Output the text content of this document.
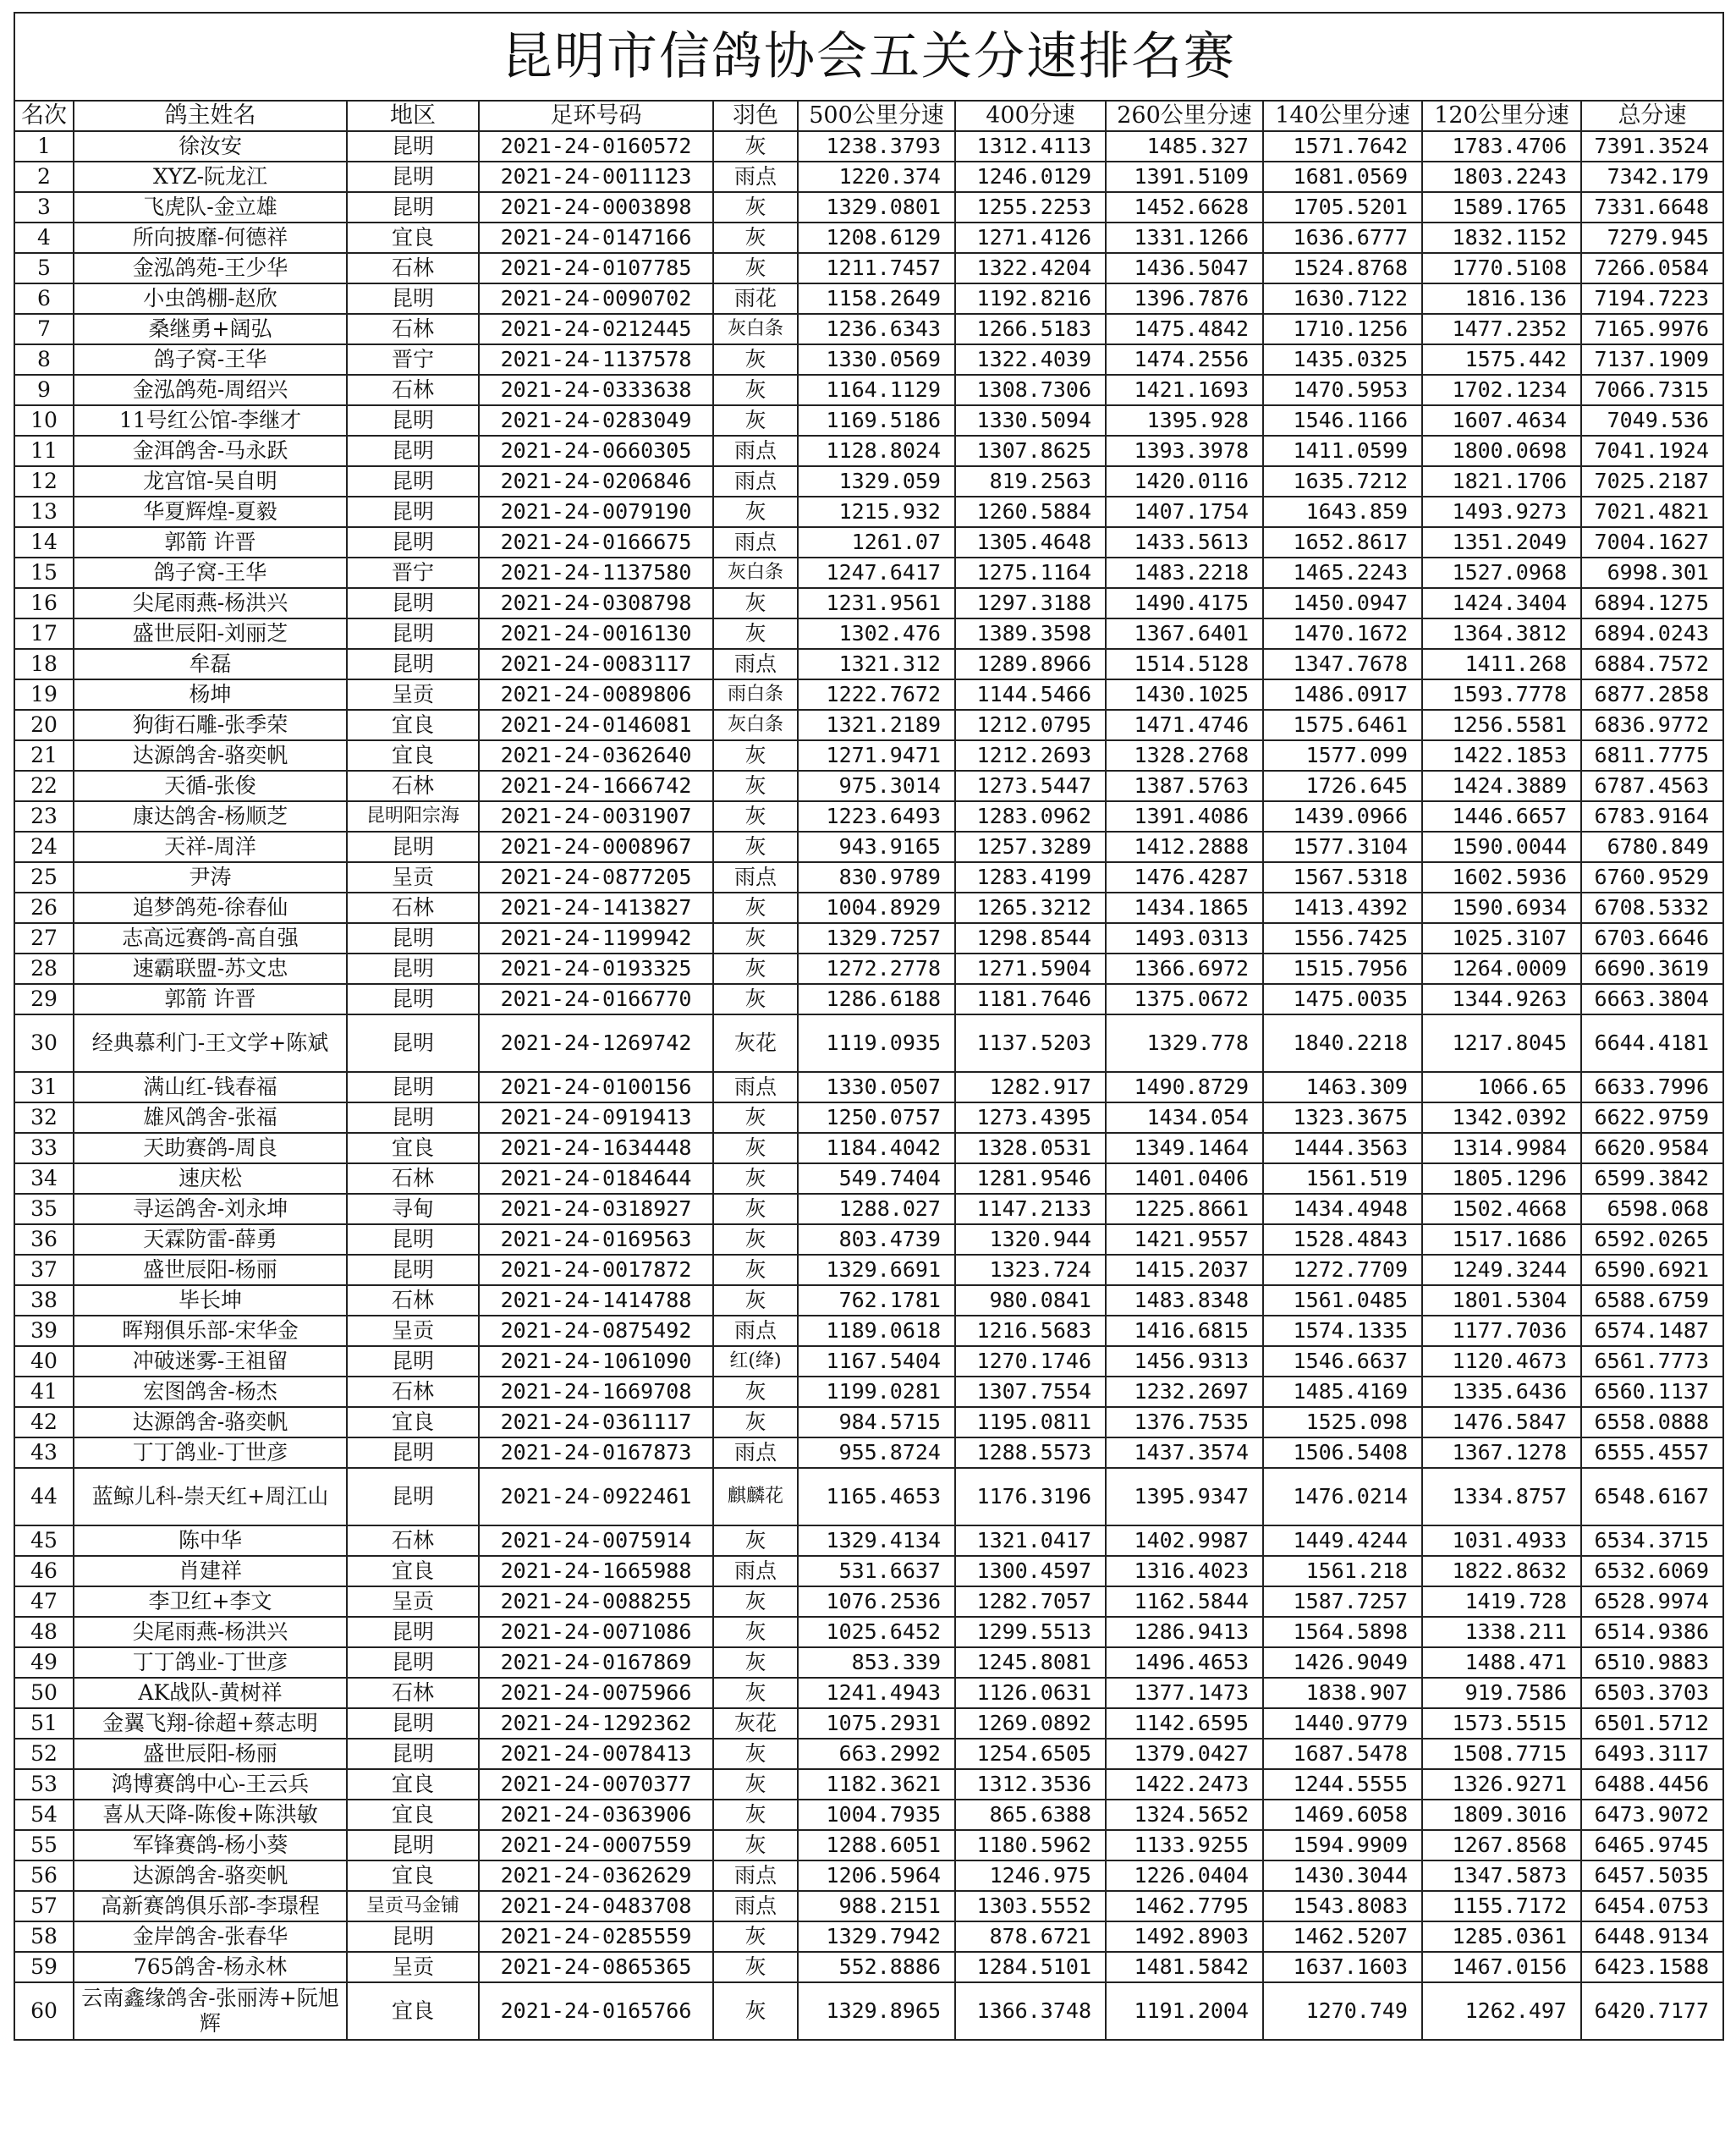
昆明市信鸽协会五关分速排名赛
名次	鸽主姓名	地区	足环号码	羽色	500公里分速	400分速	260公里分速	140公里分速	120公里分速	总分速
1	徐汝安	昆明	2021-24-0160572	灰	1238.3793	1312.4113	1485.327	1571.7642	1783.4706	7391.3524
2	XYZ-阮龙江	昆明	2021-24-0011123	雨点	1220.374	1246.0129	1391.5109	1681.0569	1803.2243	7342.179
3	飞虎队-金立雄	昆明	2021-24-0003898	灰	1329.0801	1255.2253	1452.6628	1705.5201	1589.1765	7331.6648
4	所向披靡-何德祥	宜良	2021-24-0147166	灰	1208.6129	1271.4126	1331.1266	1636.6777	1832.1152	7279.945
5	金泓鸽苑-王少华	石林	2021-24-0107785	灰	1211.7457	1322.4204	1436.5047	1524.8768	1770.5108	7266.0584
6	小虫鸽棚-赵欣	昆明	2021-24-0090702	雨花	1158.2649	1192.8216	1396.7876	1630.7122	1816.136	7194.7223
7	桑继勇+阔弘	石林	2021-24-0212445	灰白条	1236.6343	1266.5183	1475.4842	1710.1256	1477.2352	7165.9976
8	鸽子窝-王华	晋宁	2021-24-1137578	灰	1330.0569	1322.4039	1474.2556	1435.0325	1575.442	7137.1909
9	金泓鸽苑-周绍兴	石林	2021-24-0333638	灰	1164.1129	1308.7306	1421.1693	1470.5953	1702.1234	7066.7315
10	11号红公馆-李继才	昆明	2021-24-0283049	灰	1169.5186	1330.5094	1395.928	1546.1166	1607.4634	7049.536
11	金洱鸽舍-马永跃	昆明	2021-24-0660305	雨点	1128.8024	1307.8625	1393.3978	1411.0599	1800.0698	7041.1924
12	龙宫馆-吴自明	昆明	2021-24-0206846	雨点	1329.059	819.2563	1420.0116	1635.7212	1821.1706	7025.2187
13	华夏辉煌-夏毅	昆明	2021-24-0079190	灰	1215.932	1260.5884	1407.1754	1643.859	1493.9273	7021.4821
14	郭箭 许晋	昆明	2021-24-0166675	雨点	1261.07	1305.4648	1433.5613	1652.8617	1351.2049	7004.1627
15	鸽子窝-王华	晋宁	2021-24-1137580	灰白条	1247.6417	1275.1164	1483.2218	1465.2243	1527.0968	6998.301
16	尖尾雨燕-杨洪兴	昆明	2021-24-0308798	灰	1231.9561	1297.3188	1490.4175	1450.0947	1424.3404	6894.1275
17	盛世辰阳-刘丽芝	昆明	2021-24-0016130	灰	1302.476	1389.3598	1367.6401	1470.1672	1364.3812	6894.0243
18	牟磊	昆明	2021-24-0083117	雨点	1321.312	1289.8966	1514.5128	1347.7678	1411.268	6884.7572
19	杨坤	呈贡	2021-24-0089806	雨白条	1222.7672	1144.5466	1430.1025	1486.0917	1593.7778	6877.2858
20	狗街石雕-张季荣	宜良	2021-24-0146081	灰白条	1321.2189	1212.0795	1471.4746	1575.6461	1256.5581	6836.9772
21	达源鸽舍-骆奕帆	宜良	2021-24-0362640	灰	1271.9471	1212.2693	1328.2768	1577.099	1422.1853	6811.7775
22	天循-张俊	石林	2021-24-1666742	灰	975.3014	1273.5447	1387.5763	1726.645	1424.3889	6787.4563
23	康达鸽舍-杨顺芝	昆明阳宗海	2021-24-0031907	灰	1223.6493	1283.0962	1391.4086	1439.0966	1446.6657	6783.9164
24	天祥-周洋	昆明	2021-24-0008967	灰	943.9165	1257.3289	1412.2888	1577.3104	1590.0044	6780.849
25	尹涛	呈贡	2021-24-0877205	雨点	830.9789	1283.4199	1476.4287	1567.5318	1602.5936	6760.9529
26	追梦鸽苑-徐春仙	石林	2021-24-1413827	灰	1004.8929	1265.3212	1434.1865	1413.4392	1590.6934	6708.5332
27	志高远赛鸽-高自强	昆明	2021-24-1199942	灰	1329.7257	1298.8544	1493.0313	1556.7425	1025.3107	6703.6646
28	速霸联盟-苏文忠	昆明	2021-24-0193325	灰	1272.2778	1271.5904	1366.6972	1515.7956	1264.0009	6690.3619
29	郭箭 许晋	昆明	2021-24-0166770	灰	1286.6188	1181.7646	1375.0672	1475.0035	1344.9263	6663.3804
30	经典慕利门-王文学+陈斌	昆明	2021-24-1269742	灰花	1119.0935	1137.5203	1329.778	1840.2218	1217.8045	6644.4181
31	满山红-钱春福	昆明	2021-24-0100156	雨点	1330.0507	1282.917	1490.8729	1463.309	1066.65	6633.7996
32	雄风鸽舍-张福	昆明	2021-24-0919413	灰	1250.0757	1273.4395	1434.054	1323.3675	1342.0392	6622.9759
33	天助赛鸽-周良	宜良	2021-24-1634448	灰	1184.4042	1328.0531	1349.1464	1444.3563	1314.9984	6620.9584
34	速庆松	石林	2021-24-0184644	灰	549.7404	1281.9546	1401.0406	1561.519	1805.1296	6599.3842
35	寻运鸽舍-刘永坤	寻甸	2021-24-0318927	灰	1288.027	1147.2133	1225.8661	1434.4948	1502.4668	6598.068
36	天霖防雷-薛勇	昆明	2021-24-0169563	灰	803.4739	1320.944	1421.9557	1528.4843	1517.1686	6592.0265
37	盛世辰阳-杨丽	昆明	2021-24-0017872	灰	1329.6691	1323.724	1415.2037	1272.7709	1249.3244	6590.6921
38	毕长坤	石林	2021-24-1414788	灰	762.1781	980.0841	1483.8348	1561.0485	1801.5304	6588.6759
39	晖翔俱乐部-宋华金	呈贡	2021-24-0875492	雨点	1189.0618	1216.5683	1416.6815	1574.1335	1177.7036	6574.1487
40	冲破迷雾-王祖留	昆明	2021-24-1061090	红(绛)	1167.5404	1270.1746	1456.9313	1546.6637	1120.4673	6561.7773
41	宏图鸽舍-杨杰	石林	2021-24-1669708	灰	1199.0281	1307.7554	1232.2697	1485.4169	1335.6436	6560.1137
42	达源鸽舍-骆奕帆	宜良	2021-24-0361117	灰	984.5715	1195.0811	1376.7535	1525.098	1476.5847	6558.0888
43	丁丁鸽业-丁世彦	昆明	2021-24-0167873	雨点	955.8724	1288.5573	1437.3574	1506.5408	1367.1278	6555.4557
44	蓝鲸儿科-崇天红+周江山	昆明	2021-24-0922461	麒麟花	1165.4653	1176.3196	1395.9347	1476.0214	1334.8757	6548.6167
45	陈中华	石林	2021-24-0075914	灰	1329.4134	1321.0417	1402.9987	1449.4244	1031.4933	6534.3715
46	肖建祥	宜良	2021-24-1665988	雨点	531.6637	1300.4597	1316.4023	1561.218	1822.8632	6532.6069
47	李卫红+李文	呈贡	2021-24-0088255	灰	1076.2536	1282.7057	1162.5844	1587.7257	1419.728	6528.9974
48	尖尾雨燕-杨洪兴	昆明	2021-24-0071086	灰	1025.6452	1299.5513	1286.9413	1564.5898	1338.211	6514.9386
49	丁丁鸽业-丁世彦	昆明	2021-24-0167869	灰	853.339	1245.8081	1496.4653	1426.9049	1488.471	6510.9883
50	AK战队-黄树祥	石林	2021-24-0075966	灰	1241.4943	1126.0631	1377.1473	1838.907	919.7586	6503.3703
51	金翼飞翔-徐超+蔡志明	昆明	2021-24-1292362	灰花	1075.2931	1269.0892	1142.6595	1440.9779	1573.5515	6501.5712
52	盛世辰阳-杨丽	昆明	2021-24-0078413	灰	663.2992	1254.6505	1379.0427	1687.5478	1508.7715	6493.3117
53	鸿博赛鸽中心-王云兵	宜良	2021-24-0070377	灰	1182.3621	1312.3536	1422.2473	1244.5555	1326.9271	6488.4456
54	喜从天降-陈俊+陈洪敏	宜良	2021-24-0363906	灰	1004.7935	865.6388	1324.5652	1469.6058	1809.3016	6473.9072
55	军锋赛鸽-杨小葵	昆明	2021-24-0007559	灰	1288.6051	1180.5962	1133.9255	1594.9909	1267.8568	6465.9745
56	达源鸽舍-骆奕帆	宜良	2021-24-0362629	雨点	1206.5964	1246.975	1226.0404	1430.3044	1347.5873	6457.5035
57	高新赛鸽俱乐部-李璟程	呈贡马金铺	2021-24-0483708	雨点	988.2151	1303.5552	1462.7795	1543.8083	1155.7172	6454.0753
58	金岸鸽舍-张春华	昆明	2021-24-0285559	灰	1329.7942	878.6721	1492.8903	1462.5207	1285.0361	6448.9134
59	765鸽舍-杨永林	呈贡	2021-24-0865365	灰	552.8886	1284.5101	1481.5842	1637.1603	1467.0156	6423.1588
60	云南鑫缘鸽舍-张丽涛+阮旭辉	宜良	2021-24-0165766	灰	1329.8965	1366.3748	1191.2004	1270.749	1262.497	6420.7177
